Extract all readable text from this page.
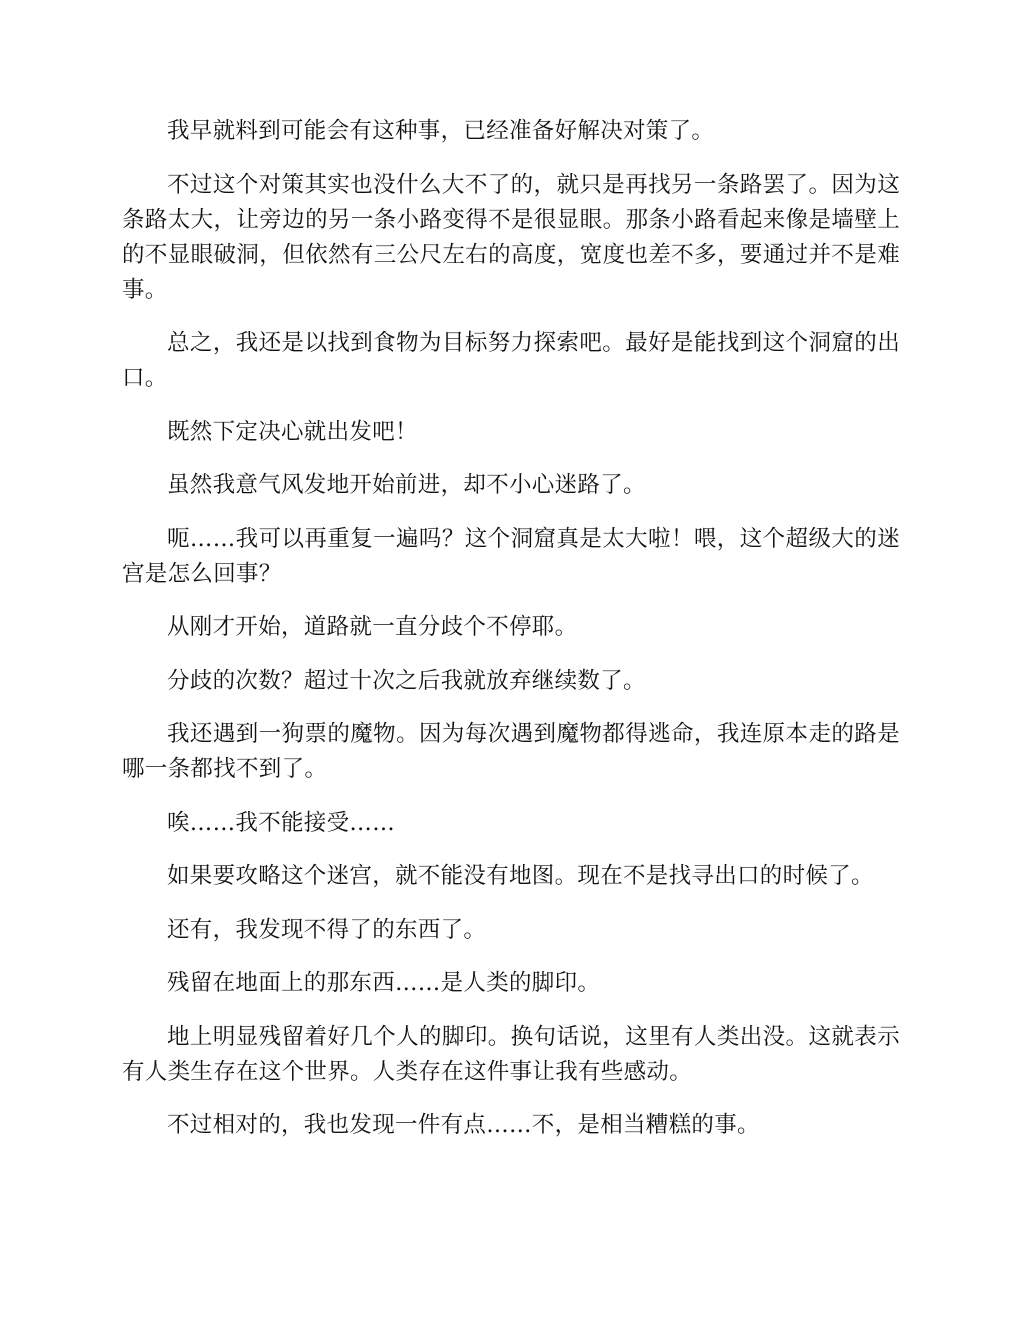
我早就料到可能会有这种事，已经准备好解决对策了。

不过这个对策其实也没什么大不了的，就只是再找另一条路罢了。因为这条路太大，让旁边的另一条小路变得不是很显眼。那条小路看起来像是墙壁上的不显眼破洞，但依然有三公尺左右的高度，宽度也差不多，要通过并不是难事。

总之，我还是以找到食物为目标努力探索吧。最好是能找到这个洞窟的出口。

既然下定决心就出发吧！

虽然我意气风发地开始前进，却不小心迷路了。

呃……我可以再重复一遍吗？这个洞窟真是太大啦！喂，这个超级大的迷宫是怎么回事？

从刚才开始，道路就一直分歧个不停耶。

分歧的次数？超过十次之后我就放弃继续数了。

我还遇到一狗票的魔物。因为每次遇到魔物都得逃命，我连原本走的路是哪一条都找不到了。

唉……我不能接受……

如果要攻略这个迷宫，就不能没有地图。现在不是找寻出口的时候了。

还有，我发现不得了的东西了。

残留在地面上的那东西……是人类的脚印。

地上明显残留着好几个人的脚印。换句话说，这里有人类出没。这就表示有人类生存在这个世界。人类存在这件事让我有些感动。

不过相对的，我也发现一件有点……不，是相当糟糕的事。
